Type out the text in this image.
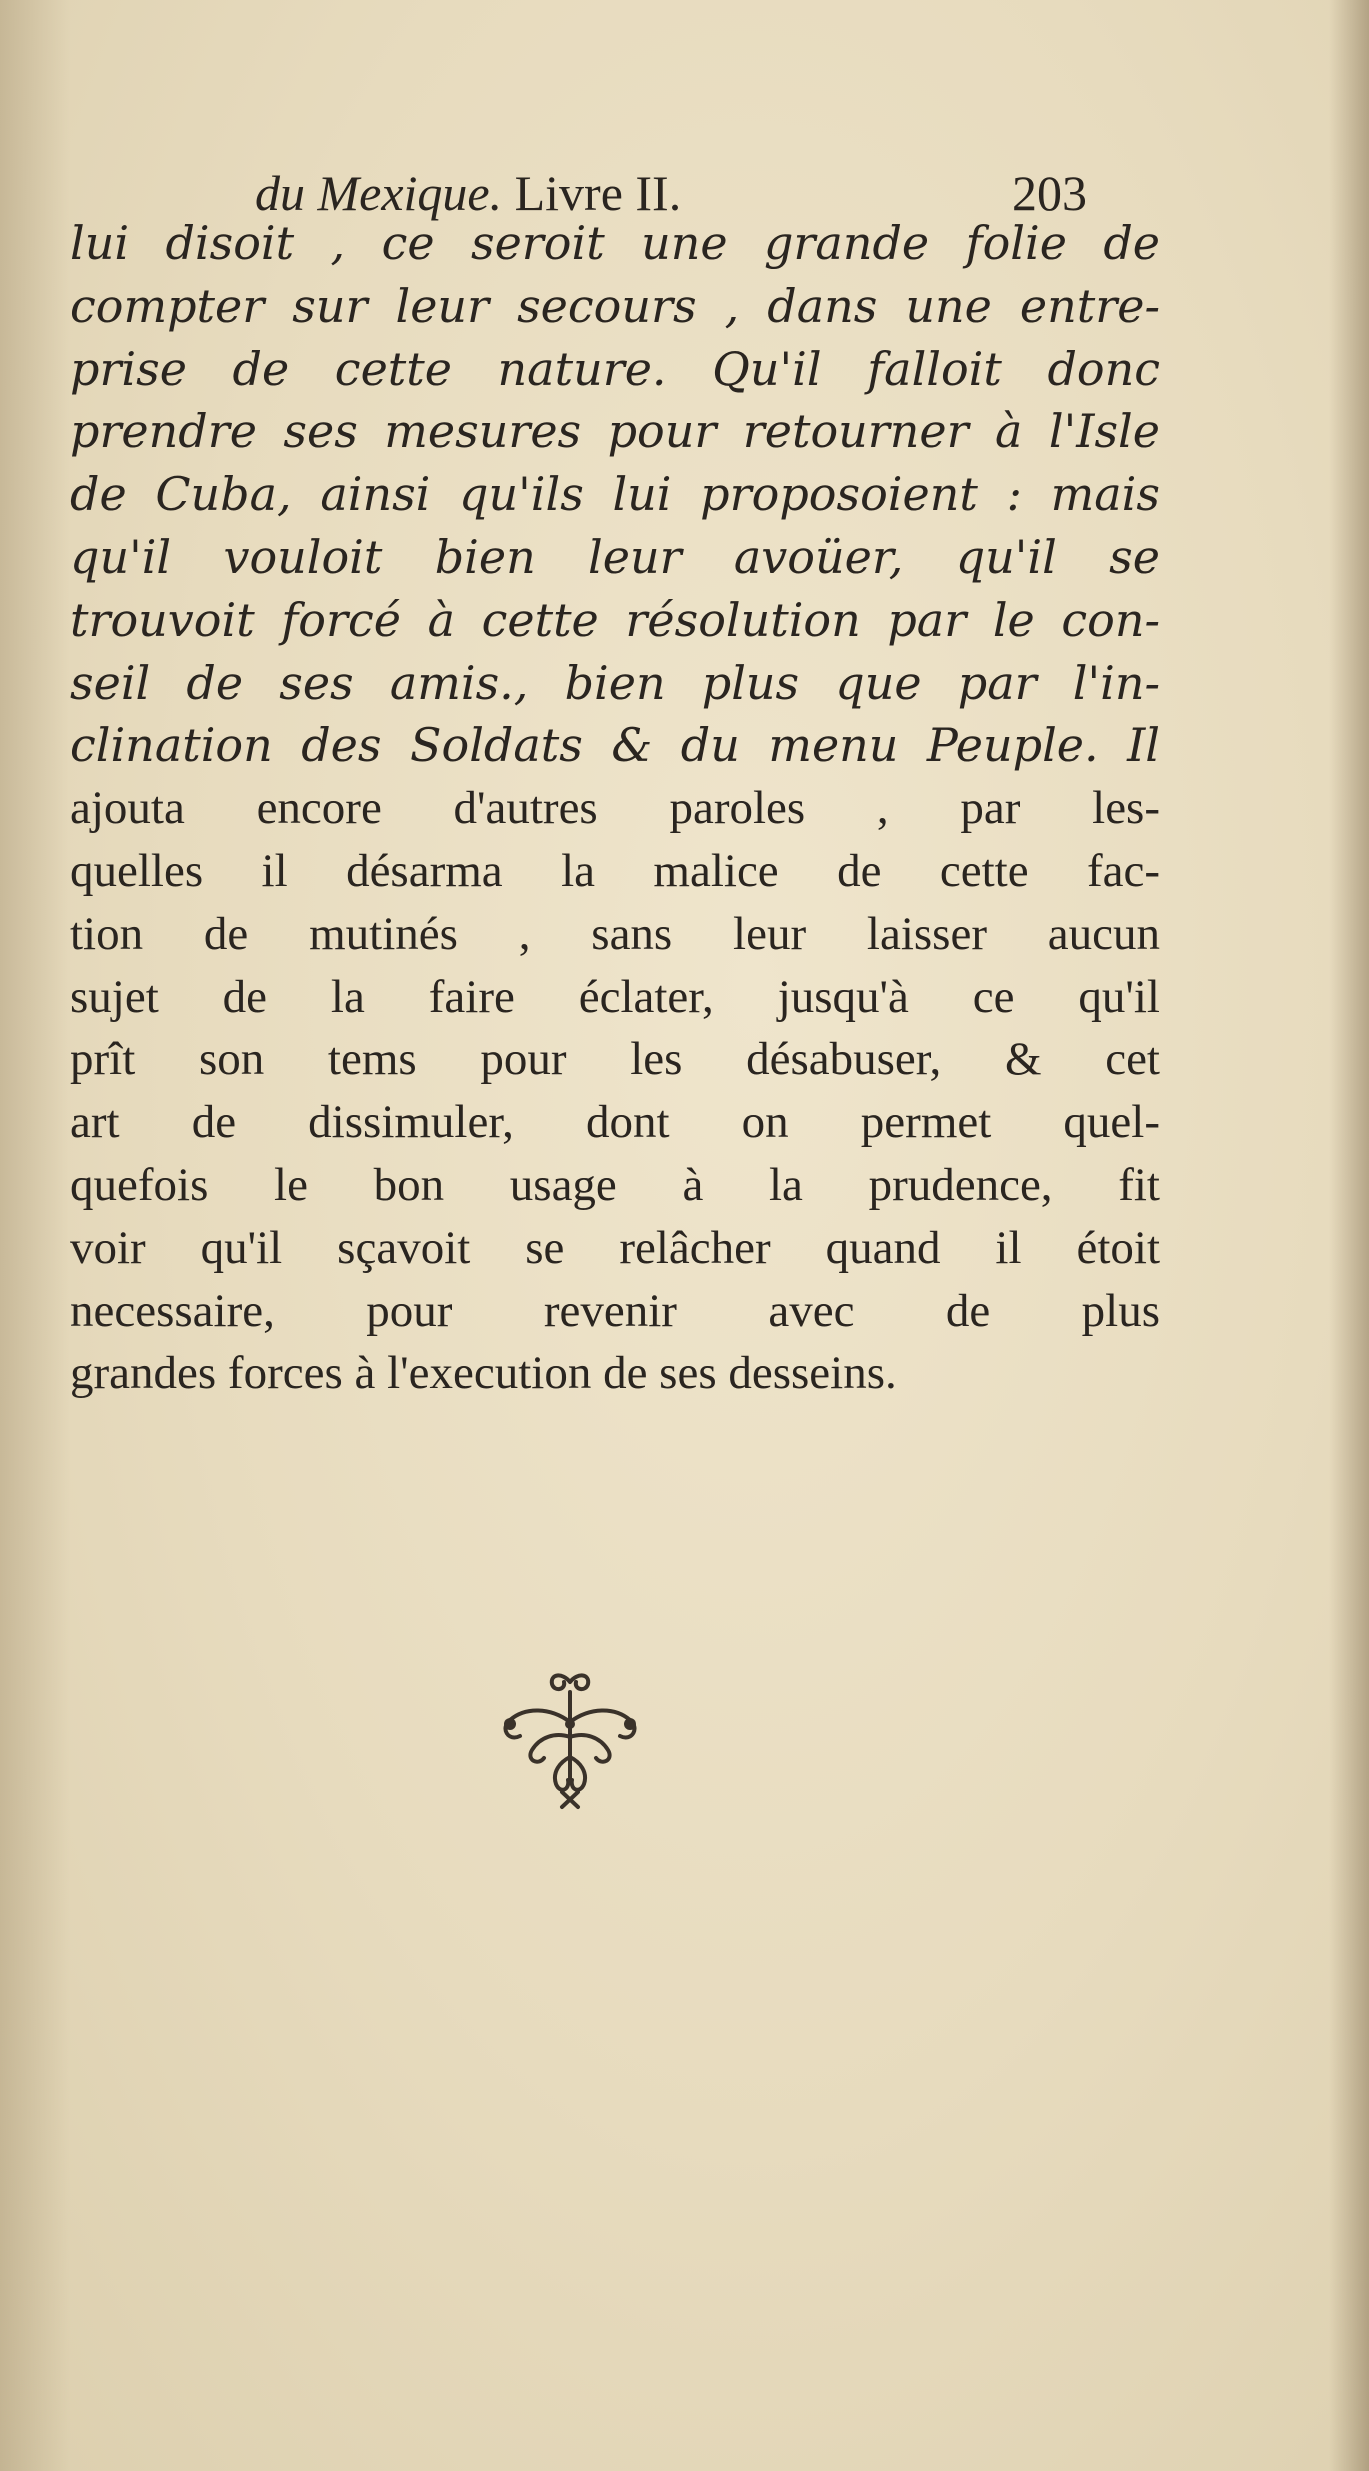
du Mexique. Livre II.	203
lui disoit , ce seroit une grande folie de
compter sur leur secours , dans une entre-
prise de cette nature. Qu'il falloit donc
prendre ses mesures pour retourner à l'Isle
de Cuba, ainsi qu'ils lui proposoient : mais
qu'il vouloit bien leur avoüer, qu'il se
trouvoit forcé à cette résolution par le con-
seil de ses amis., bien plus que par l'in-
clination des Soldats & du menu Peuple. Il
ajouta encore d'autres paroles , par les-
quelles il désarma la malice de cette fac-
tion de mutinés , sans leur laisser aucun
sujet de la faire éclater, jusqu'à ce qu'il
prît son tems pour les désabuser, & cet
art de dissimuler, dont on permet quel-
quefois le bon usage à la prudence, fit
voir qu'il sçavoit se relâcher quand il étoit
necessaire, pour revenir avec de plus
grandes forces à l'execution de ses desseins.
